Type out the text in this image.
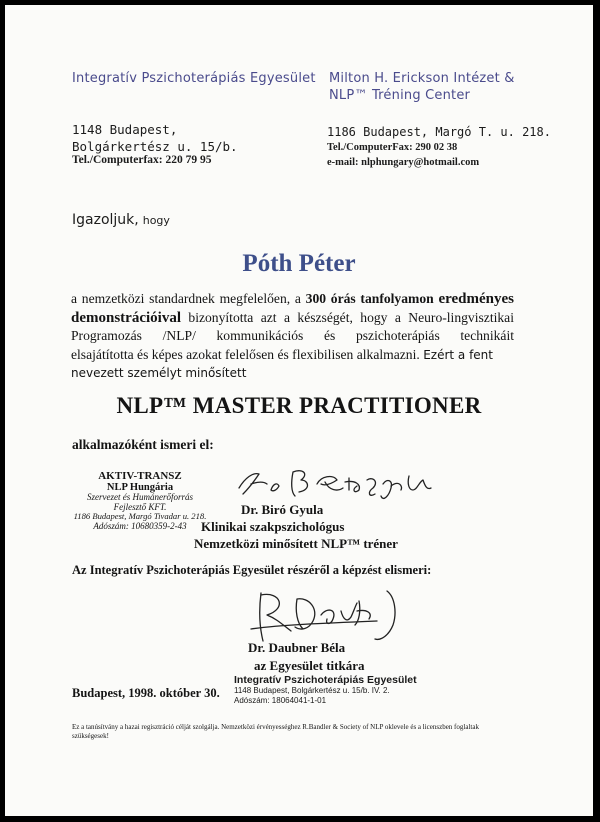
Integratív Pszichoterápiás Egyesület Milton H. Erickson Intézet &
NLP™ Tréning Center
1148 Budapest,
Bolgárkertész u. 15/b.
Tel./Computerfax: 220 79 95
1186 Budapest, Margó T. u. 218.
Tel./ComputerFax: 290 02 38
e-mail: nlphungary@hotmail.com
Igazoljuk, hogy
Póth Péter
a nemzetközi standardnek megfelelően, a 300 órás tanfolyamon eredményes
demonstrációival bizonyította azt a készségét, hogy a Neuro-lingvisztikai
Programozás /NLP/ kommunikációs és pszichoterápiás technikáit
elsajátította és képes azokat felelősen és flexibilisen alkalmazni. Ezért a fent
nevezett személyt minősített
NLP™ MASTER PRACTITIONER
alkalmazóként ismeri el:
AKTIV-TRANSZ
NLP Hungária
Szervezet és Humánerőforrás
Fejlesztő KFT.
1186 Budapest, Margó Tivadar u. 218.
Adószám: 10680359-2-43
Dr. Biró Gyula
Klinikai szakpszichológus
Nemzetközi minősített NLP™ tréner
Az Integratív Pszichoterápiás Egyesület részéről a képzést elismeri:
Dr. Daubner Béla
az Egyesület titkára
Budapest, 1998. október 30.
Integratív Pszichoterápiás Egyesület
1148 Budapest, Bolgárkertész u. 15/b. IV. 2.
Adószám: 18064041-1-01
Ez a tanúsítvány a hazai regisztráció célját szolgálja. Nemzetközi érvényességhez R.Bandler & Society of NLP oklevele és a licenszben foglaltak
szükségesek!
